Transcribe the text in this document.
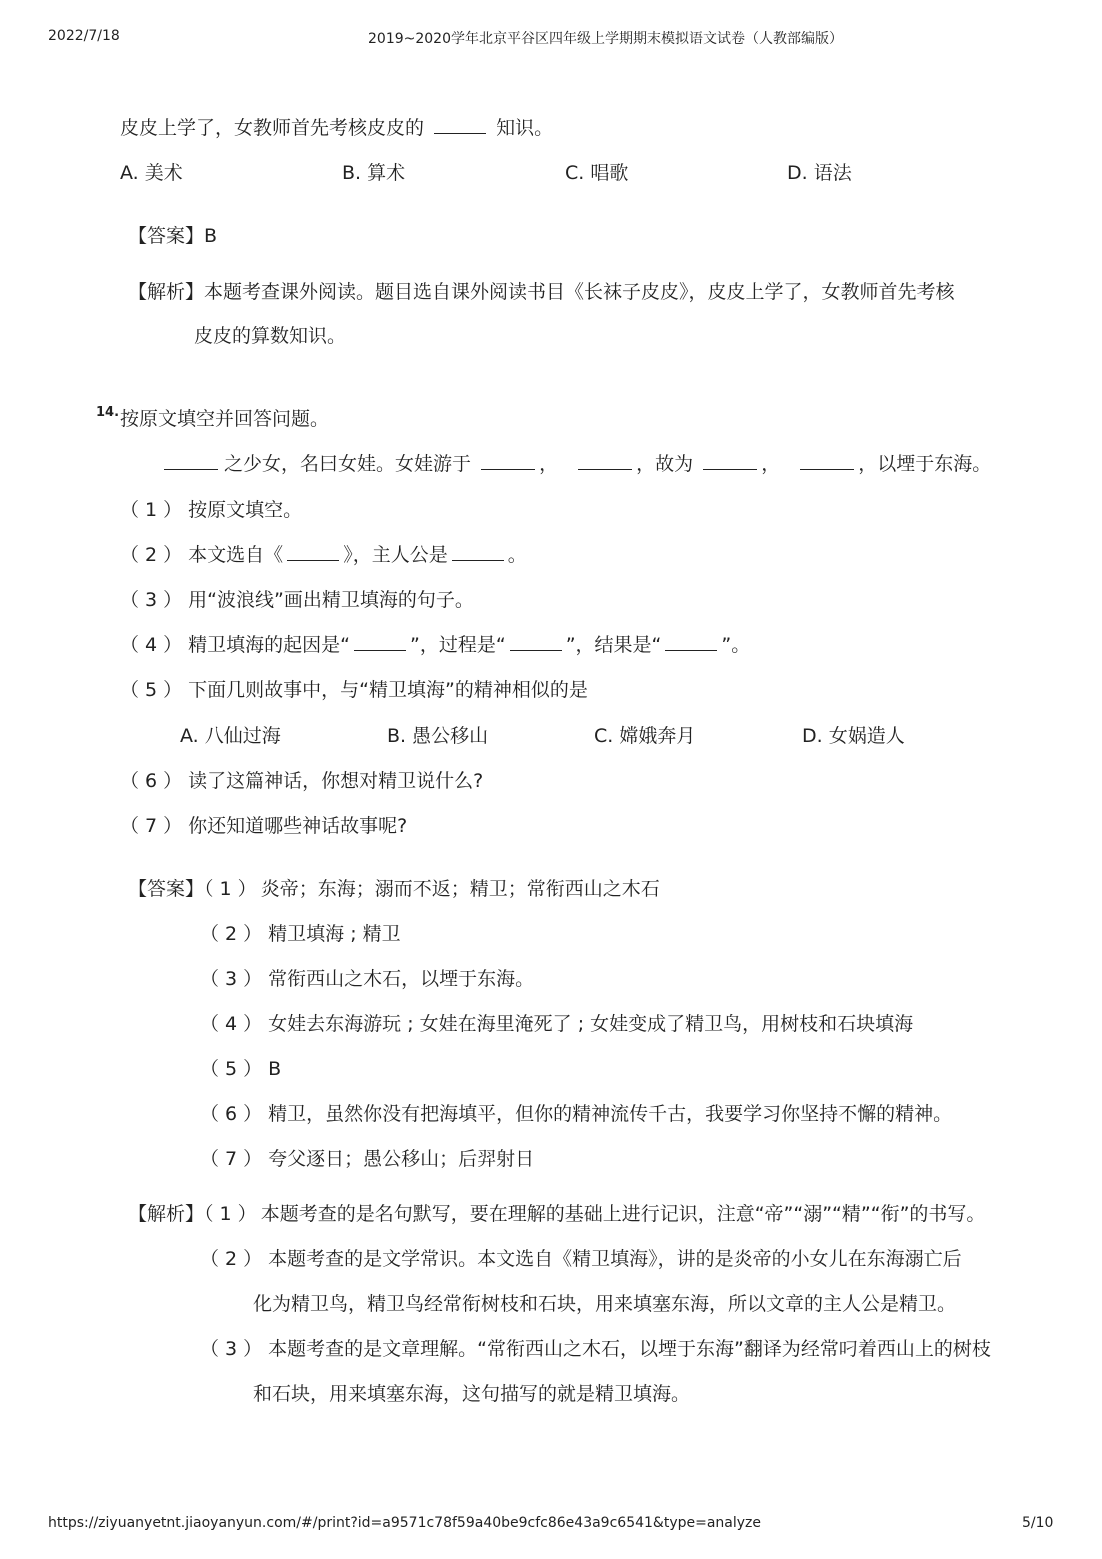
2022/7/18	2019~2020学年北京平谷区四年级上学期期末模拟语文试卷（人教部编版）
皮皮上学了，女教师首先考核皮皮的	知识。
A. 美术	B. 算术	C. 唱歌	D. 语法
【答案】B
【解析】本题考查课外阅读。题目选自课外阅读书目《长袜子皮皮》，皮皮上学了，女教师首先考核
皮皮的算数知识。
14. 按原文填空并回答问题。
之少女，名曰女娃。女娃游于	，	，故为	，	，以堙于东海。
（ 1 ） 按原文填空。
（ 2 ） 本文选自《	》，主人公是	。
（ 3 ） 用“波浪线”画出精卫填海的句子。
（ 4 ） 精卫填海的起因是“	”，过程是“	”，结果是“	”。
（ 5 ） 下面几则故事中，与“精卫填海”的精神相似的是
A. 八仙过海	B. 愚公移山	C. 嫦娥奔月	D. 女娲造人
（ 6 ） 读了这篇神话，你想对精卫说什么?
（ 7 ） 你还知道哪些神话故事呢?
【答案】（ 1 ） 炎帝；东海；溺而不返；精卫；常衔西山之木石
（ 2 ） 精卫填海 ; 精卫
（ 3 ） 常衔西山之木石，以堙于东海。
（ 4 ） 女娃去东海游玩 ; 女娃在海里淹死了 ; 女娃变成了精卫鸟，用树枝和石块填海
（ 5 ） B
（ 6 ） 精卫，虽然你没有把海填平，但你的精神流传千古，我要学习你坚持不懈的精神。
（ 7 ） 夸父逐日；愚公移山；后羿射日
【解析】（ 1 ） 本题考查的是名句默写，要在理解的基础上进行记识，注意“帝”“溺”“精”“衔”的书写。
（ 2 ） 本题考查的是文学常识。本文选自《精卫填海》，讲的是炎帝的小女儿在东海溺亡后
化为精卫鸟，精卫鸟经常衔树枝和石块，用来填塞东海，所以文章的主人公是精卫。
（ 3 ） 本题考查的是文章理解。“常衔西山之木石，以堙于东海”翻译为经常叼着西山上的树枝
和石块，用来填塞东海，这句描写的就是精卫填海。
https://ziyuanyetnt.jiaoyanyun.com/#/print?id=a9571c78f59a40be9cfc86e43a9c6541&type=analyze	5/10
